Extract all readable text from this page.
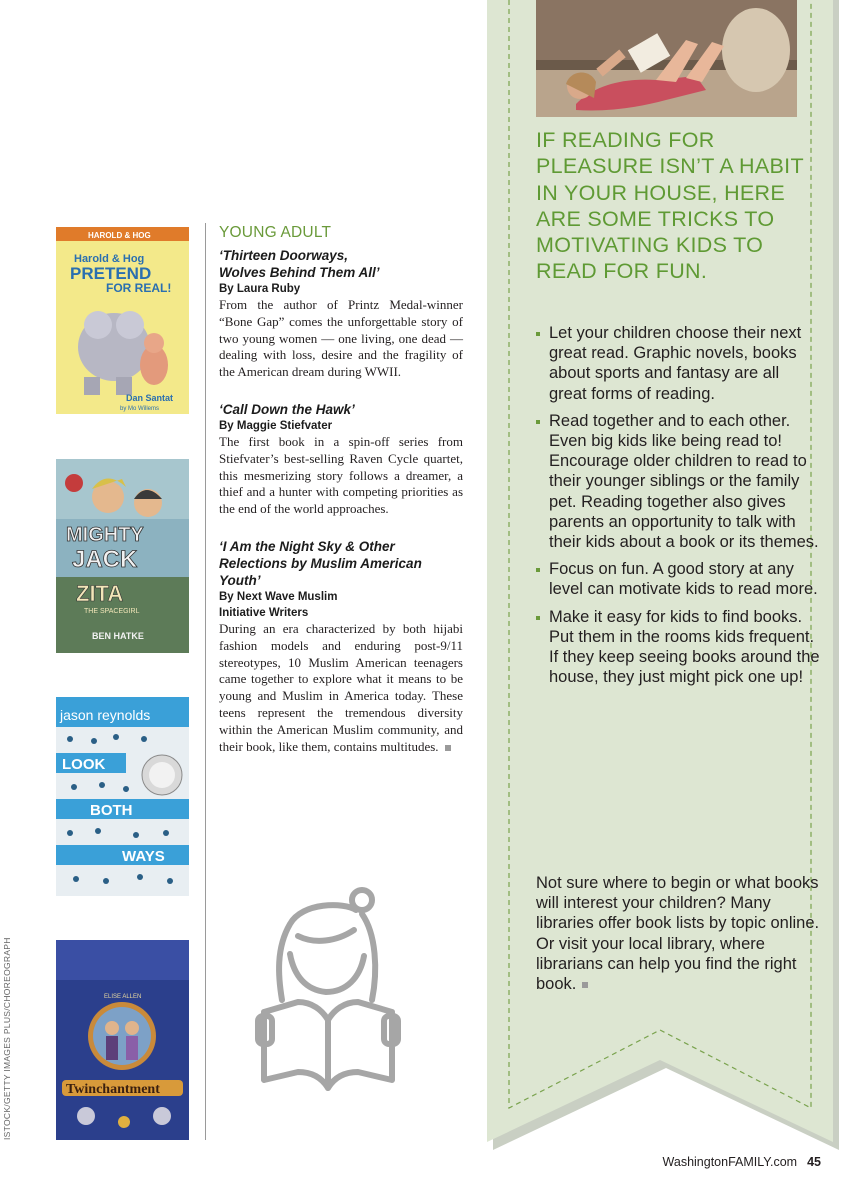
ISTOCK/GETTY IMAGES PLUS/CHOREOGRAPH
HAROLD & HOG
Harold & Hog
PRETEND
FOR REAL!
Dan Santat
by Mo Willems
MIGHTY
JACK
ZITA
THE SPACEGIRL
BEN HATKE
jason reynolds
LOOK
BOTH
WAYS
ELISE ALLEN
Twinchantment

YOUNG ADULT

‘Thirteen Doorways, Wolves Behind Them All’

By Laura Ruby

From the author of Printz Medal-winner “Bone Gap” comes the unforgettable story of two young women — one living, one dead — dealing with loss, desire and the fragility of the American dream during WWII.

‘Call Down the Hawk’

By Maggie Stiefvater

The first book in a spin-off series from Stiefvater’s best-selling Raven Cycle quartet, this mesmerizing story follows a dreamer, a thief and a hunter with competing priorities as the end of the world approaches.

‘I Am the Night Sky & Other Relections by Muslim American Youth’

By Next Wave Muslim Initiative Writers

During an era characterized by both hijabi fashion models and enduring post-9/11 stereotypes, 10 Muslim American teenagers came together to explore what it means to be young and Muslim in America today. These teens represent the tremendous diversity within the American Muslim community, and their book, like them, contains multitudes.

IF READING FOR PLEASURE ISN’T A HABIT IN YOUR HOUSE, HERE ARE SOME TRICKS TO MOTIVATING KIDS TO READ FOR FUN.

Let your children choose their next great read. Graphic novels, books about sports and fantasy are all great forms of reading.
Read together and to each other. Even big kids like being read to! Encourage older children to read to their younger siblings or the family pet. Reading together also gives parents an opportunity to talk with their kids about a book or its themes.
Focus on fun. A good story at any level can motivate kids to read more.
Make it easy for kids to find books. Put them in the rooms kids frequent. If they keep seeing books around the house, they just might pick one up!

Not sure where to begin or what books will interest your children? Many libraries offer book lists by topic online. Or visit your local library, where librarians can help you find the right book.

WashingtonFAMILY.com 45
